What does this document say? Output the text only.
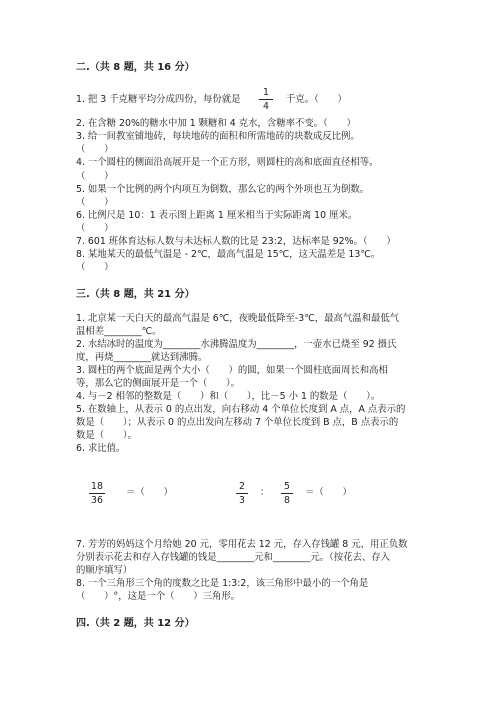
二.（共 8 题，共 16 分）
1. 把 3 千克糖平均分成四份，每份就是
1
4
千克。（　　）
2. 在含糖 20%的糖水中加 1 颗糖和 4 克水，含糖率不变。（　　）
3. 给一间教室铺地砖，每块地砖的面积和所需地砖的块数成反比例。
（　　）
4. 一个圆柱的侧面沿高展开是一个正方形，则圆柱的高和底面直径相等。
（　　）
5. 如果一个比例的两个内项互为倒数，那么它的两个外项也互为倒数。
（　　）
6. 比例尺是 10：1 表示图上距离 1 厘米相当于实际距离 10 厘米。
（　　）
7. 601 班体育达标人数与未达标人数的比是 23:2，达标率是 92%。（　　）
8. 某地某天的最低气温是 - 2℃，最高气温是 15℃，这天温差是 13℃。
（　　）
三.（共 8 题，共 21 分）
1. 北京某一天白天的最高气温是 6℃，夜晚最低降至-3℃，最高气温和最低气
温相差________℃。
2. 水结冰时的温度为________水沸腾温度为________，一壶水已烧至 92 摄氏
度，再烧________就达到沸腾。
3. 圆柱的两个底面是两个大小（　　）的圆，如果一个圆柱底面周长和高相
等，那么它的侧面展开是一个（　　）。
4. 与－2 相邻的整数是（　　）和（　　），比－5 小 1 的数是（　　）。
5. 在数轴上，从表示 0 的点出发，向右移动 4 个单位长度到 A 点，A 点表示的
数是（　　）；从表示 0 的点出发向左移动 7 个单位长度到 B 点，B 点表示的
数是（　　）。
6. 求比值。
18
36
＝（　　）
2
3
：
5
8
＝（　　）
7. 芳芳的妈妈这个月给她 20 元，零用花去 12 元，存入存钱罐 8 元，用正负数
分别表示花去和存入存钱罐的钱是________元和________元。（按花去、存入
的顺序填写）
8. 一个三角形三个角的度数之比是 1:3:2，该三角形中最小的一个角是
（　　）°，这是一个（　　）三角形。
四.（共 2 题，共 12 分）
